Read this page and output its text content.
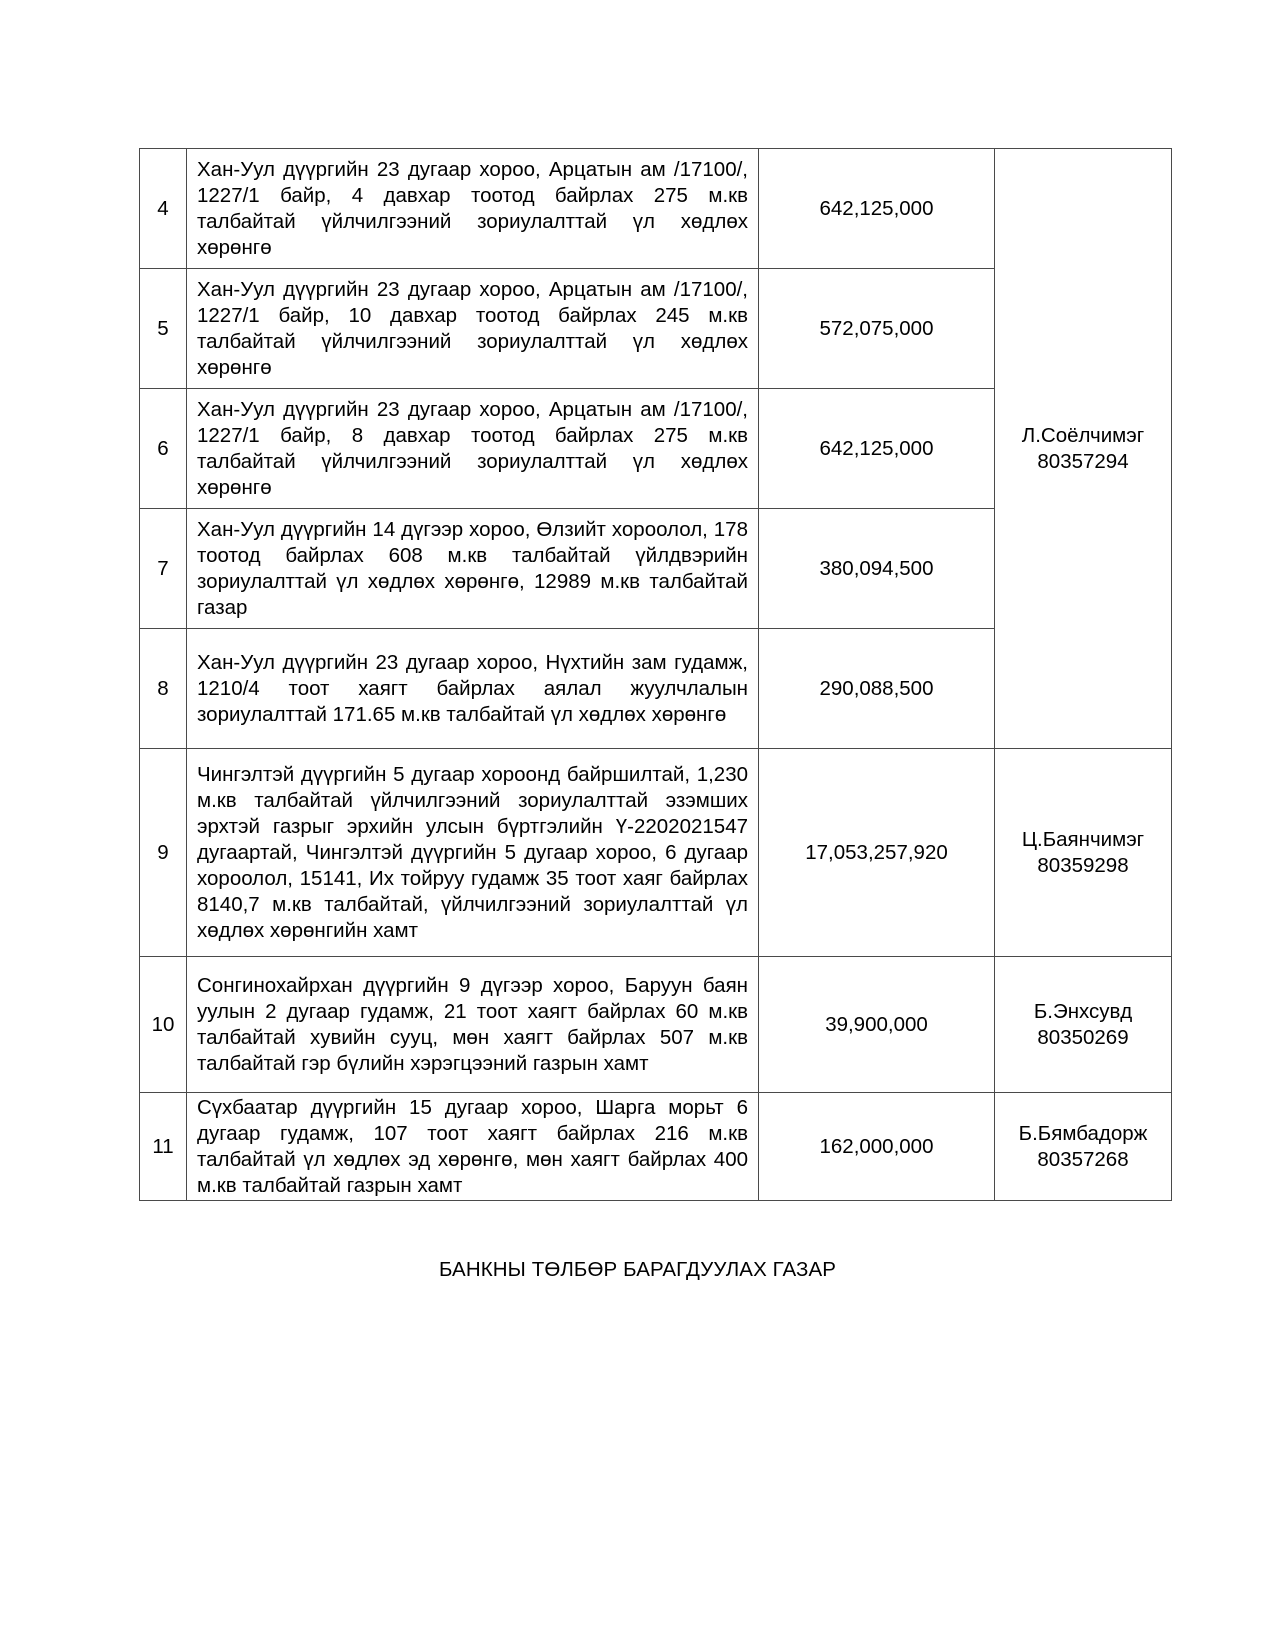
4	Хан-Уул дүүргийн 23 дугаар хороо, Арцатын ам /17100/, 1227/1 байр, 4 давхар тоотод байрлах 275 м.кв талбайтай үйлчилгээний зориулалттай үл хөдлөх хөрөнгө	642,125,000	Л.Соёлчимэг
80357294

5	Хан-Уул дүүргийн 23 дугаар хороо, Арцатын ам /17100/, 1227/1 байр, 10 давхар тоотод байрлах 245 м.кв талбайтай үйлчилгээний зориулалттай үл хөдлөх хөрөнгө	572,075,000	
6	Хан-Уул дүүргийн 23 дугаар хороо, Арцатын ам /17100/, 1227/1 байр, 8 давхар тоотод байрлах 275 м.кв талбайтай үйлчилгээний зориулалттай үл хөдлөх хөрөнгө	642,125,000	
7	Хан-Уул дүүргийн 14 дүгээр хороо, Өлзийт хороолол, 178 тоотод байрлах 608 м.кв талбайтай үйлдвэрийн зориулалттай үл хөдлөх хөрөнгө, 12989 м.кв талбайтай газар	380,094,500	
8	Хан-Уул дүүргийн 23 дугаар хороо, Нүхтийн зам гудамж, 1210/4 тоот хаягт байрлах аялал жуулчлалын зориулалттай 171.65 м.кв талбайтай үл хөдлөх хөрөнгө	290,088,500	
9	Чингэлтэй дүүргийн 5 дугаар хороонд байршилтай, 1,230 м.кв талбайтай үйлчилгээний зориулалттай эзэмших эрхтэй газрыг эрхийн улсын бүртгэлийн Ү-2202021547 дугаартай, Чингэлтэй дүүргийн 5 дугаар хороо, 6 дугаар хороолол, 15141, Их тойруу гудамж 35 тоот хаяг байрлах 8140,7 м.кв талбайтай, үйлчилгээний зориулалттай үл хөдлөх хөрөнгийн хамт	17,053,257,920	Ц.Баянчимэг
80359298

10	Сонгинохайрхан дүүргийн 9 дүгээр хороо, Баруун баян уулын 2 дугаар гудамж, 21 тоот хаягт байрлах 60 м.кв талбайтай хувийн сууц, мөн хаягт байрлах 507 м.кв талбайтай гэр бүлийн хэрэгцээний газрын хамт	39,900,000	Б.Энхсувд
80350269

11	Сүхбаатар дүүргийн 15 дугаар хороо, Шарга морьт 6 дугаар гудамж, 107 тоот хаягт байрлах 216 м.кв талбайтай үл хөдлөх эд хөрөнгө, мөн хаягт байрлах 400 м.кв талбайтай газрын хамт	162,000,000	Б.Бямбадорж
80357268
БАНКНЫ ТӨЛБӨР БАРАГДУУЛАХ ГАЗАР
